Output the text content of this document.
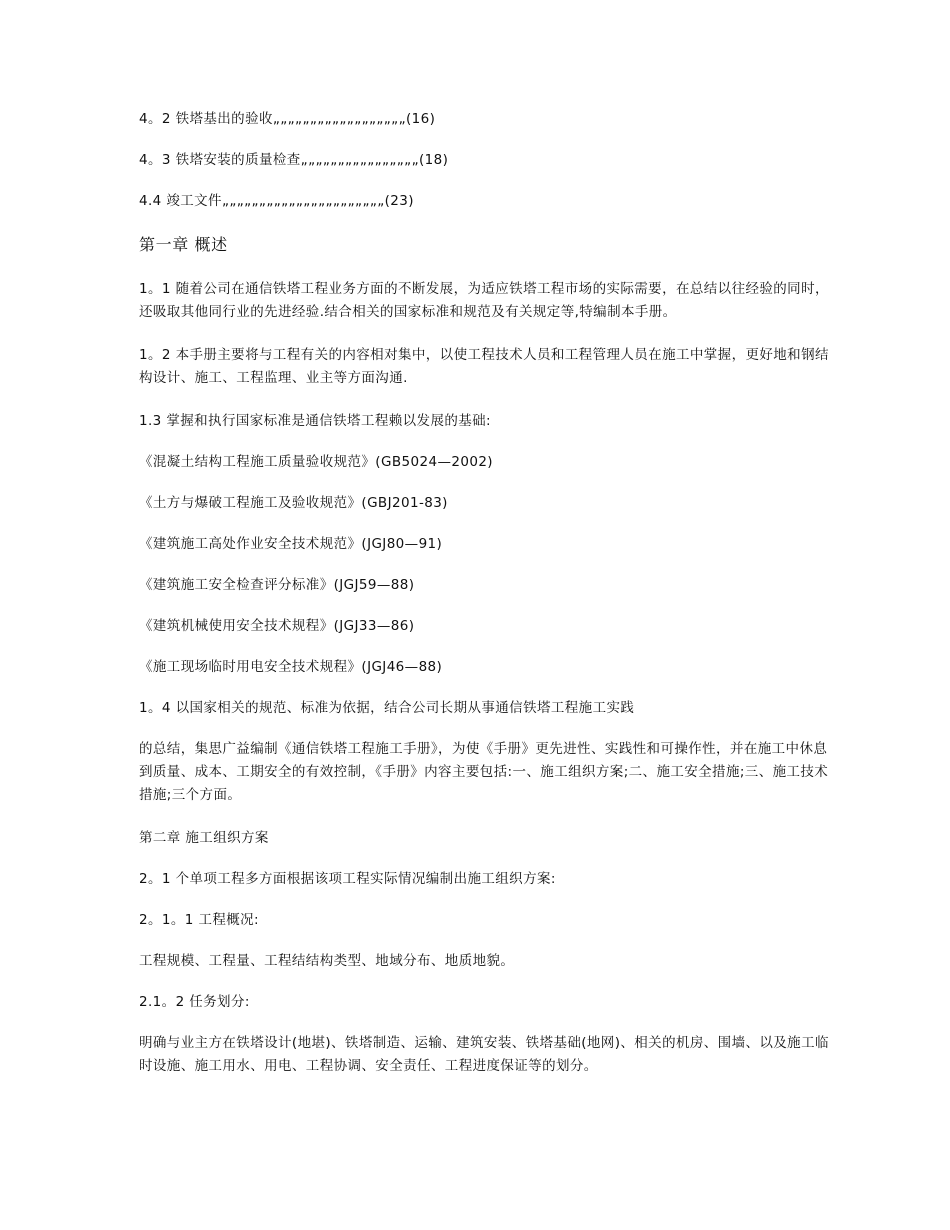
4。2 铁塔基出的验收„„„„„„„„„„„„„„„„„„(16)

4。3 铁塔安装的质量检查„„„„„„„„„„„„„„„„(18)

4.4 竣工文件„„„„„„„„„„„„„„„„„„„„„„(23)

第一章 概述

1。1 随着公司在通信铁塔工程业务方面的不断发展，为适应铁塔工程市场的实际需要，在总结以往经验的同时，还吸取其他同行业的先进经验.结合相关的国家标准和规范及有关规定等,特编制本手册。

1。2 本手册主要将与工程有关的内容相对集中，以使工程技术人员和工程管理人员在施工中掌握，更好地和钢结构设计、施工、工程监理、业主等方面沟通.

1.3 掌握和执行国家标准是通信铁塔工程赖以发展的基础:

《混凝土结构工程施工质量验收规范》(GB5024—2002)

《土方与爆破工程施工及验收规范》(GBJ201-83)

《建筑施工高处作业安全技术规范》(JGJ80—91)

《建筑施工安全检查评分标准》(JGJ59—88)

《建筑机械使用安全技术规程》(JGJ33—86)

《施工现场临时用电安全技术规程》(JGJ46—88)

1。4 以国家相关的规范、标准为依据，结合公司长期从事通信铁塔工程施工实践

的总结，集思广益编制《通信铁塔工程施工手册》，为使《手册》更先进性、实践性和可操作性，并在施工中休息到质量、成本、工期安全的有效控制，《手册》内容主要包括:一、施工组织方案;二、施工安全措施;三、施工技术措施;三个方面。

第二章 施工组织方案

2。1 个单项工程多方面根据该项工程实际情况编制出施工组织方案:

2。1。1 工程概况:

工程规模、工程量、工程结结构类型、地域分布、地质地貌。

2.1。2 任务划分:

明确与业主方在铁塔设计(地堪)、铁塔制造、运输、建筑安装、铁塔基础(地网)、相关的机房、围墙、以及施工临时设施、施工用水、用电、工程协调、安全责任、工程进度保证等的划分。
